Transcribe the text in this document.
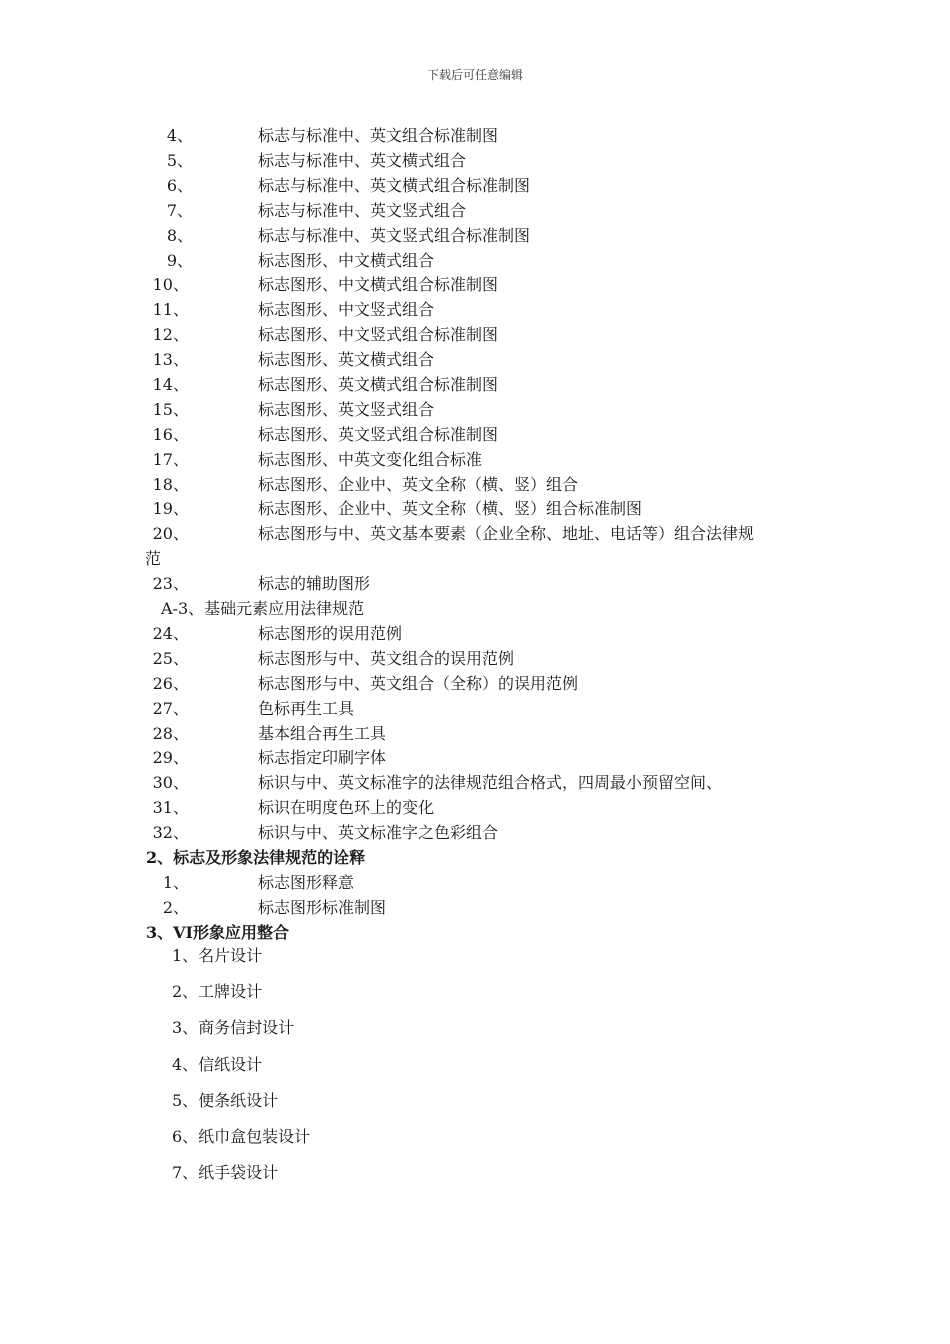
下载后可任意编辑
4、	标志与标准中、英文组合标准制图
5、	标志与标准中、英文横式组合
6、	标志与标准中、英文横式组合标准制图
7、	标志与标准中、英文竖式组合
8、	标志与标准中、英文竖式组合标准制图
9、	标志图形、中文横式组合
10、	标志图形、中文横式组合标准制图
11、	标志图形、中文竖式组合
12、	标志图形、中文竖式组合标准制图
13、	标志图形、英文横式组合
14、	标志图形、英文横式组合标准制图
15、	标志图形、英文竖式组合
16、	标志图形、英文竖式组合标准制图
17、	标志图形、中英文变化组合标准
18、	标志图形、企业中、英文全称（横、竖）组合
19、	标志图形、企业中、英文全称（横、竖）组合标准制图
20、	标志图形与中、英文基本要素（企业全称、地址、电话等）组合法律规
范
23、	标志的辅助图形
A-3、基础元素应用法律规范
24、	标志图形的误用范例
25、	标志图形与中、英文组合的误用范例
26、	标志图形与中、英文组合（全称）的误用范例
27、	色标再生工具
28、	基本组合再生工具
29、	标志指定印刷字体
30、	标识与中、英文标准字的法律规范组合格式，四周最小预留空间、
31、	标识在明度色环上的变化
32、	标识与中、英文标准字之色彩组合
2、标志及形象法律规范的诠释
1、	标志图形释意
2、	标志图形标准制图
3、VI形象应用整合
1、名片设计
2、工牌设计
3、商务信封设计
4、信纸设计
5、便条纸设计
6、纸巾盒包装设计
7、纸手袋设计
